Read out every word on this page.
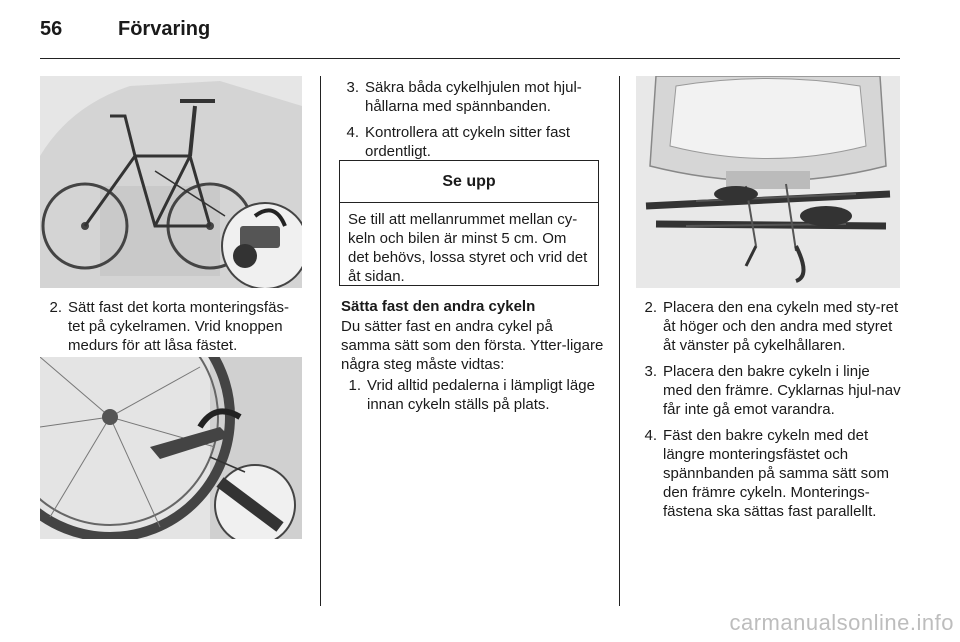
56	Förvaring
2. Sätt fast det korta monteringsfäs-tet på cykelramen. Vrid knoppen medurs för att låsa fästet.
3. Säkra båda cykelhjulen mot hjul-hållarna med spännbanden.
4. Kontrollera att cykeln sitter fast ordentligt.
Se upp
Se till att mellanrummet mellan cy-keln och bilen är minst 5 cm. Om det behövs, lossa styret och vrid det åt sidan.
Sätta fast den andra cykeln
Du sätter fast en andra cykel på samma sätt som den första. Ytter-ligare några steg måste vidtas:
1. Vrid alltid pedalerna i lämpligt läge innan cykeln ställs på plats.
2. Placera den ena cykeln med sty-ret åt höger och den andra med styret åt vänster på cykelhållaren.
3. Placera den bakre cykeln i linje med den främre. Cyklarnas hjul-nav får inte gå emot varandra.
4. Fäst den bakre cykeln med det längre monteringsfästet och spännbanden på samma sätt som den främre cykeln. Monterings-fästena ska sättas fast parallellt.
carmanualsonline.info
